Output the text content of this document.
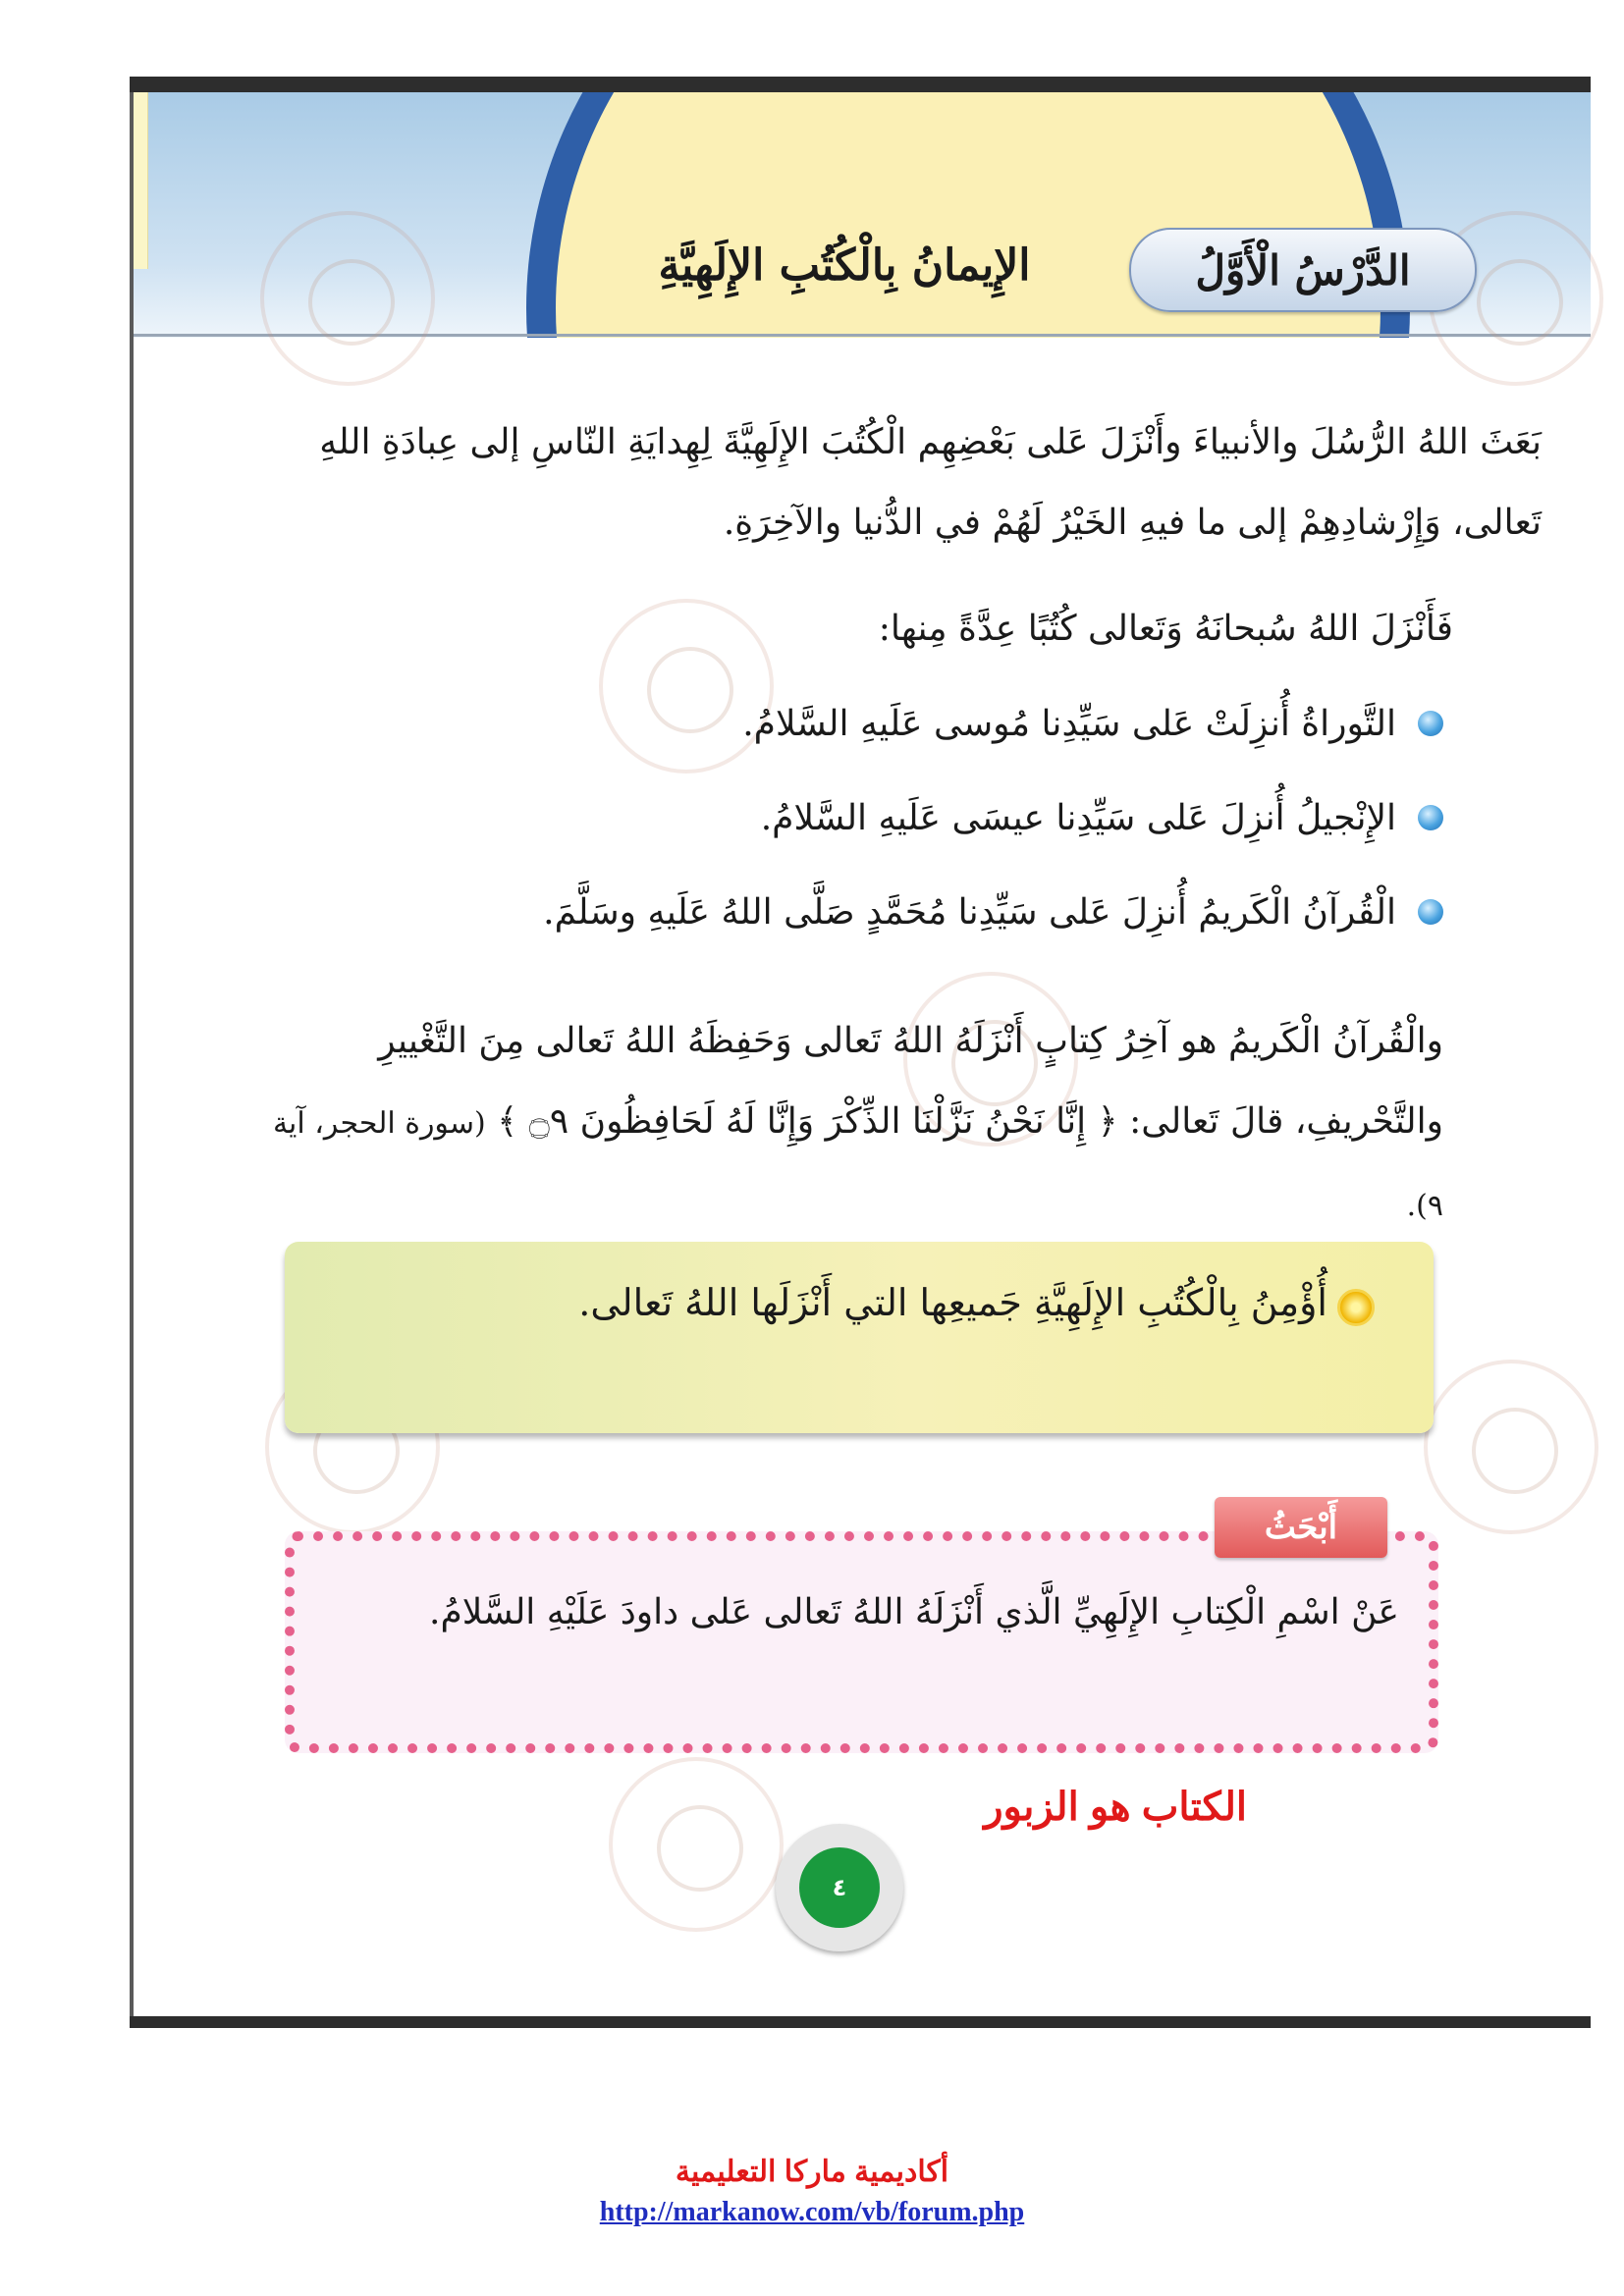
الدَّرْسُ الْأَوَّلُ
الإِيمانُ بِالْكُتُبِ الإِلَهِيَّةِ
بَعَثَ اللهُ الرُّسُلَ والأنبياءَ وأَنْزَلَ عَلى بَعْضِهِم الْكُتُبَ الإِلَهِيَّةَ لِهِدايَةِ النّاسِ إلى عِبادَةِ اللهِ تَعالى، وَإِرْشادِهِمْ إلى ما فيهِ الخَيْرُ لَهُمْ في الدُّنيا والآخِرَةِ.
فَأَنْزَلَ اللهُ سُبحانَهُ وَتَعالى كُتُبًا عِدَّةً مِنها:
التَّوراةُ أُنزِلَتْ عَلى سَيِّدِنا مُوسى عَلَيهِ السَّلامُ.
الإِنْجيلُ أُنزِلَ عَلى سَيِّدِنا عيسَى عَلَيهِ السَّلامُ.
الْقُرآنُ الْكَريمُ أُنزِلَ عَلى سَيِّدِنا مُحَمَّدٍ صَلَّى اللهُ عَلَيهِ وسَلَّمَ.
والْقُرآنُ الْكَريمُ هو آخِرُ كِتابٍ أَنْزَلَهُ اللهُ تَعالى وَحَفِظَهُ اللهُ تَعالى مِنَ التَّغْييرِ والتَّحْريفِ، قالَ تَعالى: ﴿ إِنَّا نَحْنُ نَزَّلْنَا الذِّكْرَ وَإِنَّا لَهُ لَحَافِظُونَ ۝٩ ﴾ (سورة الحجر، آية ٩).
أُؤْمِنُ بِالْكُتُبِ الإِلَهِيَّةِ جَميعِها التي أَنْزَلَها اللهُ تَعالى.
عَنْ اسْمِ الْكِتابِ الإِلَهِيِّ الَّذي أَنْزَلَهُ اللهُ تَعالى عَلى داودَ عَلَيْهِ السَّلامُ.
أَبْحَثُ
الكتاب هو الزبور
٤
أكاديمية ماركا التعليمية
http://markanow.com/vb/forum.php
